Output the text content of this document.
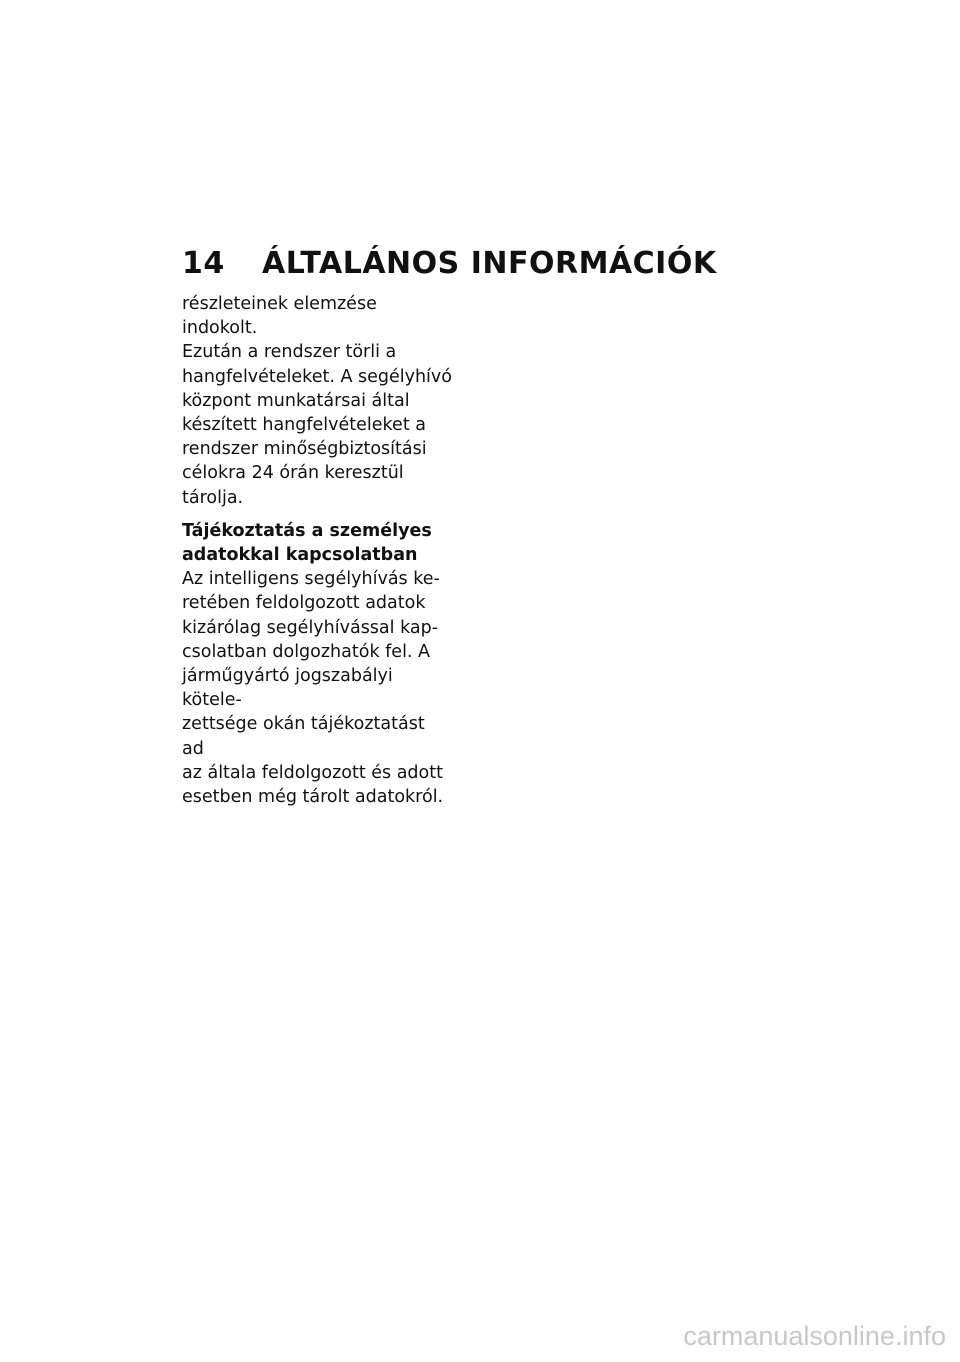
14 ÁLTALÁNOS INFORMÁCIÓK

részleteinek elemzése indokolt.
Ezután a rendszer törli a
hangfelvételeket. A segélyhívó
központ munkatársai által
készített hangfelvételeket a
rendszer minőségbiztosítási
célokra 24 órán keresztül
tárolja.

Tájékoztatás a személyes
adatokkal kapcsolatban

Az intelligens segélyhívás ke-
retében feldolgozott adatok
kizárólag segélyhívással kap-
csolatban dolgozhatók fel. A
járműgyártó jogszabályi kötele-
zettsége okán tájékoztatást ad
az általa feldolgozott és adott
esetben még tárolt adatokról.

carmanualsonline.info
